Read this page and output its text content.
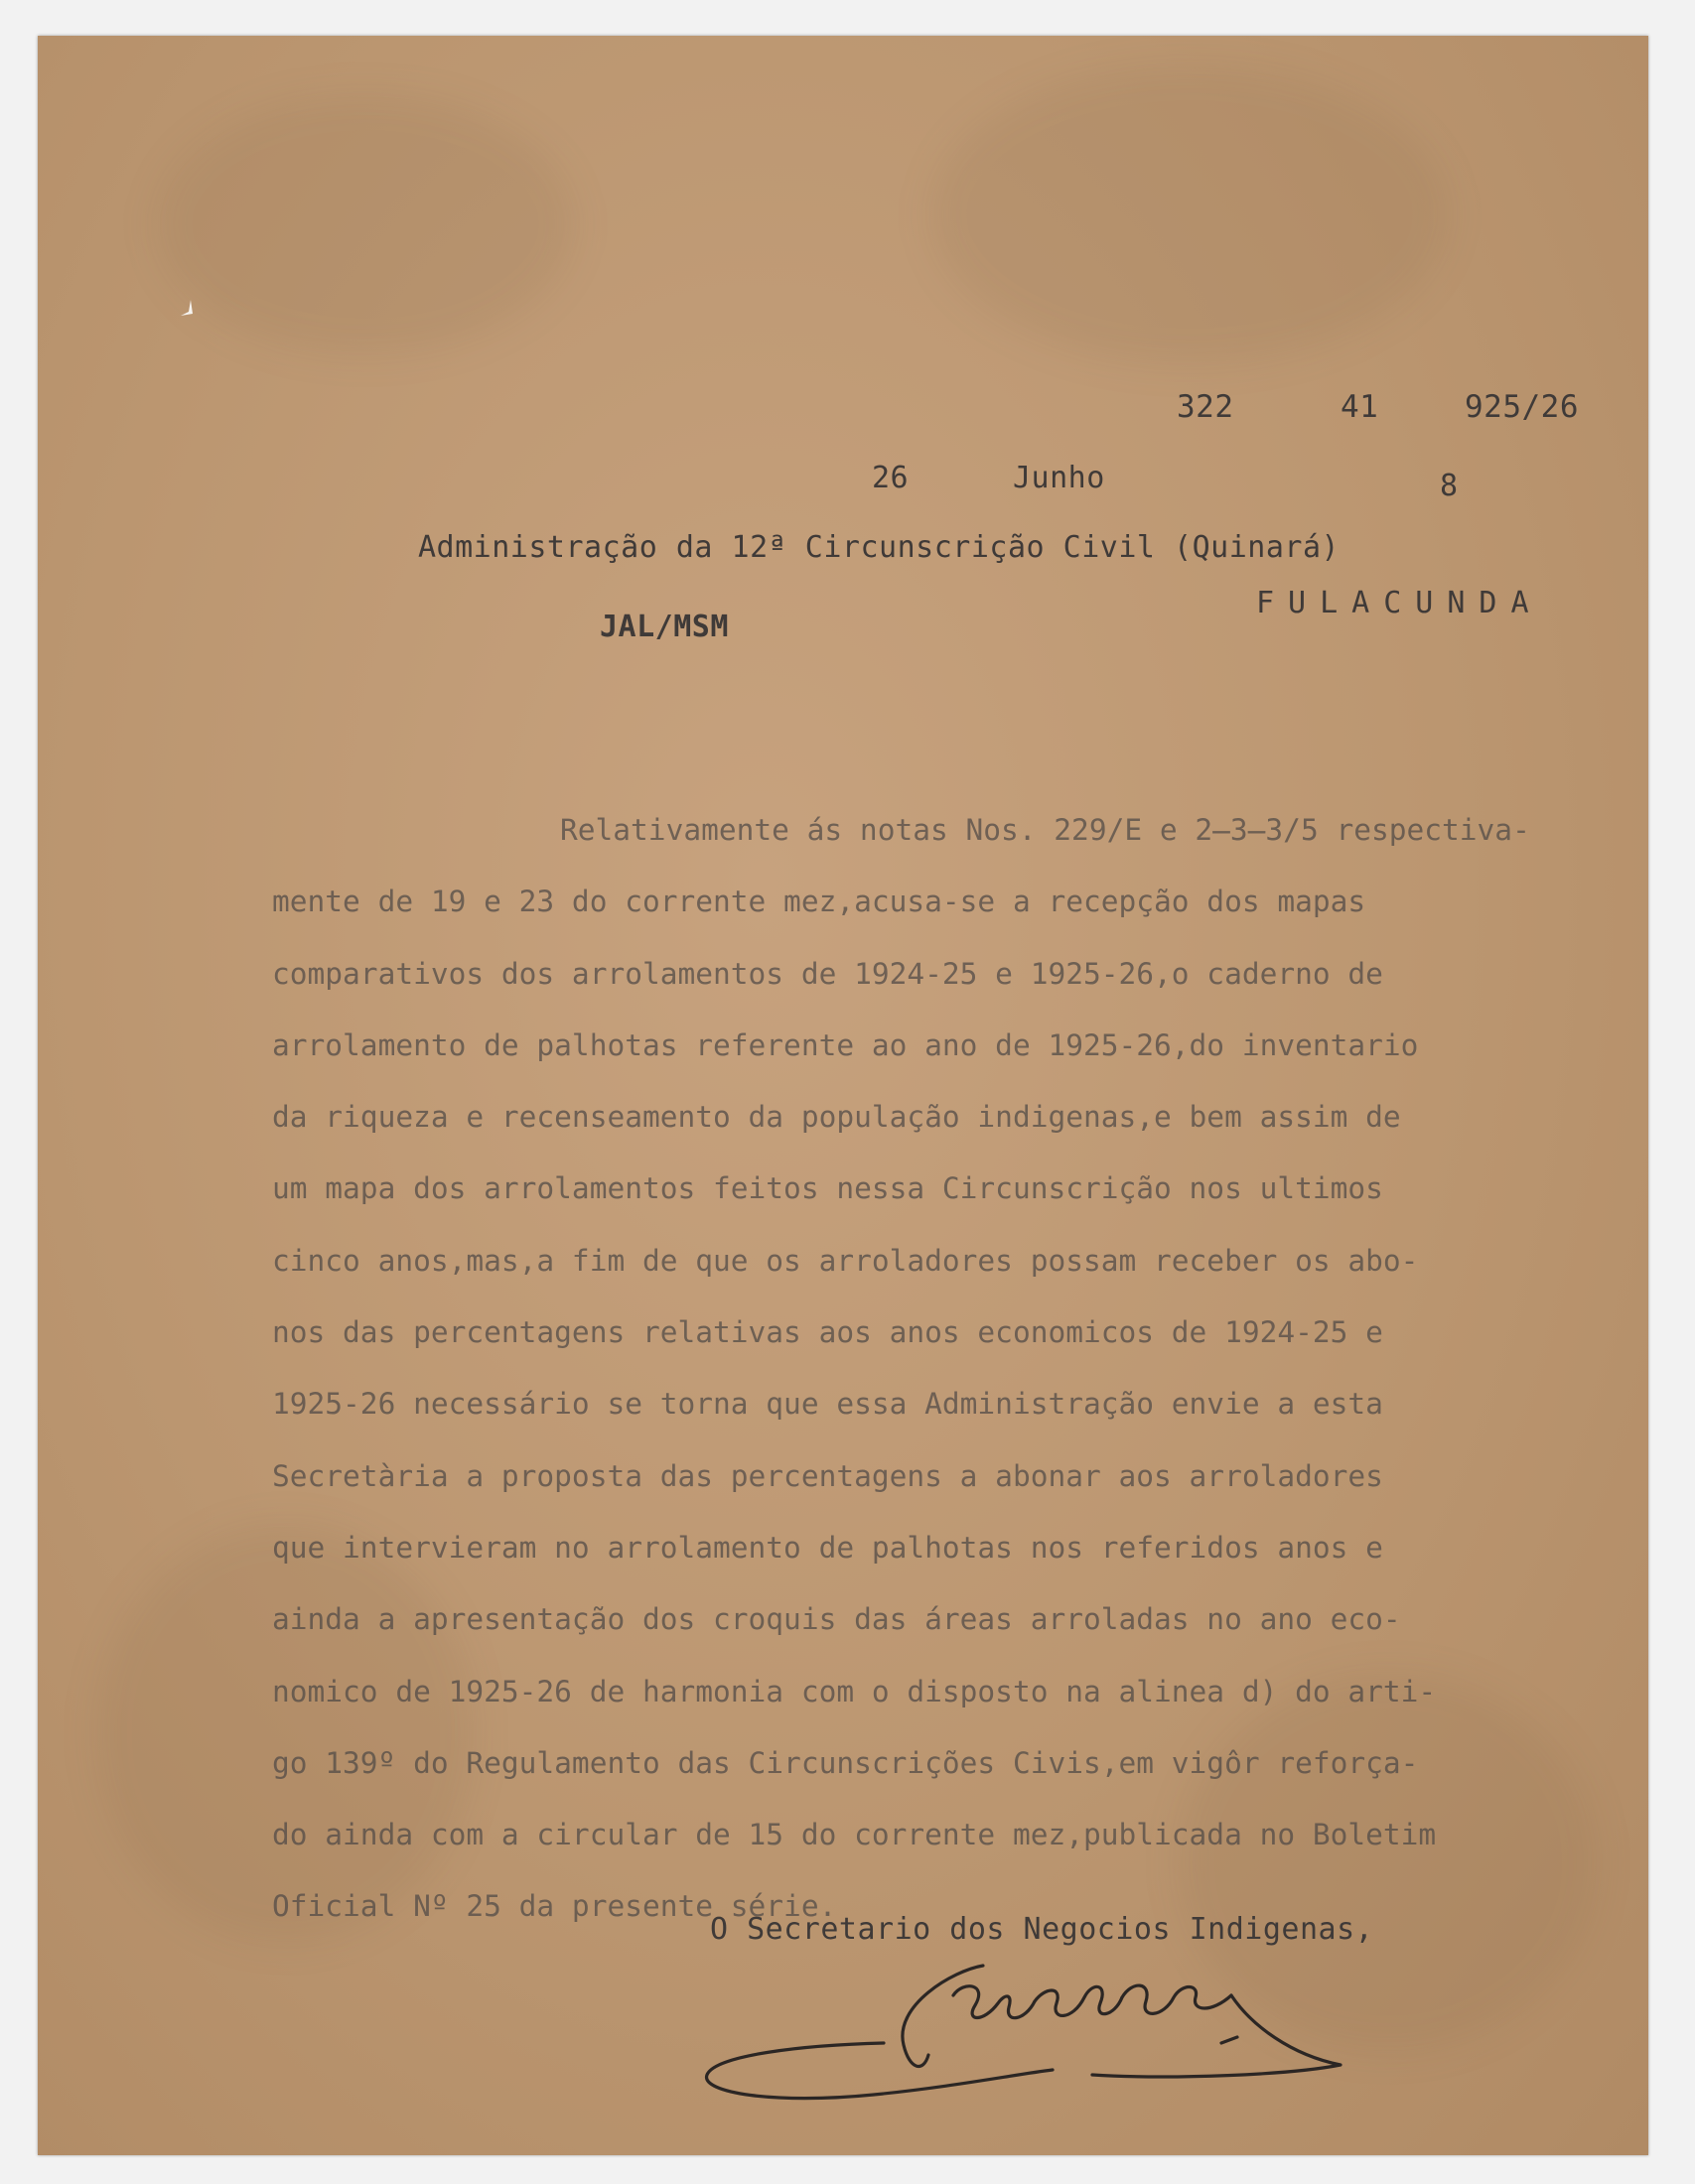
322	41	925/26
26	Junho	8
Administração da 12ª Circunscrição Civil (Quinará)
FULACUNDA
JAL/MSM
Relativamente ás notas Nos. 229/E e 2̶3̶3/5 respectiva-
mente de 19 e 23 do corrente mez,acusa-se a recepção dos mapas
comparativos dos arrolamentos de 1924-25 e 1925-26,o caderno de
arrolamento de palhotas referente ao ano de 1925-26,do inventario
da riqueza e recenseamento da população indigenas,e bem assim de
um mapa dos arrolamentos feitos nessa Circunscrição nos ultimos
cinco anos,mas,a fim de que os arroladores possam receber os abo-
nos das percentagens relativas aos anos economicos de 1924-25 e
1925-26 necessário se torna que essa Administração envie a esta
Secretària a proposta das percentagens a abonar aos arroladores
que intervieram no arrolamento de palhotas nos referidos anos e
ainda a apresentação dos croquis das áreas arroladas no ano eco-
nomico de 1925-26 de harmonia com o disposto na alinea d) do arti-
go 139º do Regulamento das Circunscrições Civis,em vigôr reforça-
do ainda com a circular de 15 do corrente mez,publicada no Boletim
Oficial Nº 25 da presente série.
O Secretario dos Negocios Indigenas,
